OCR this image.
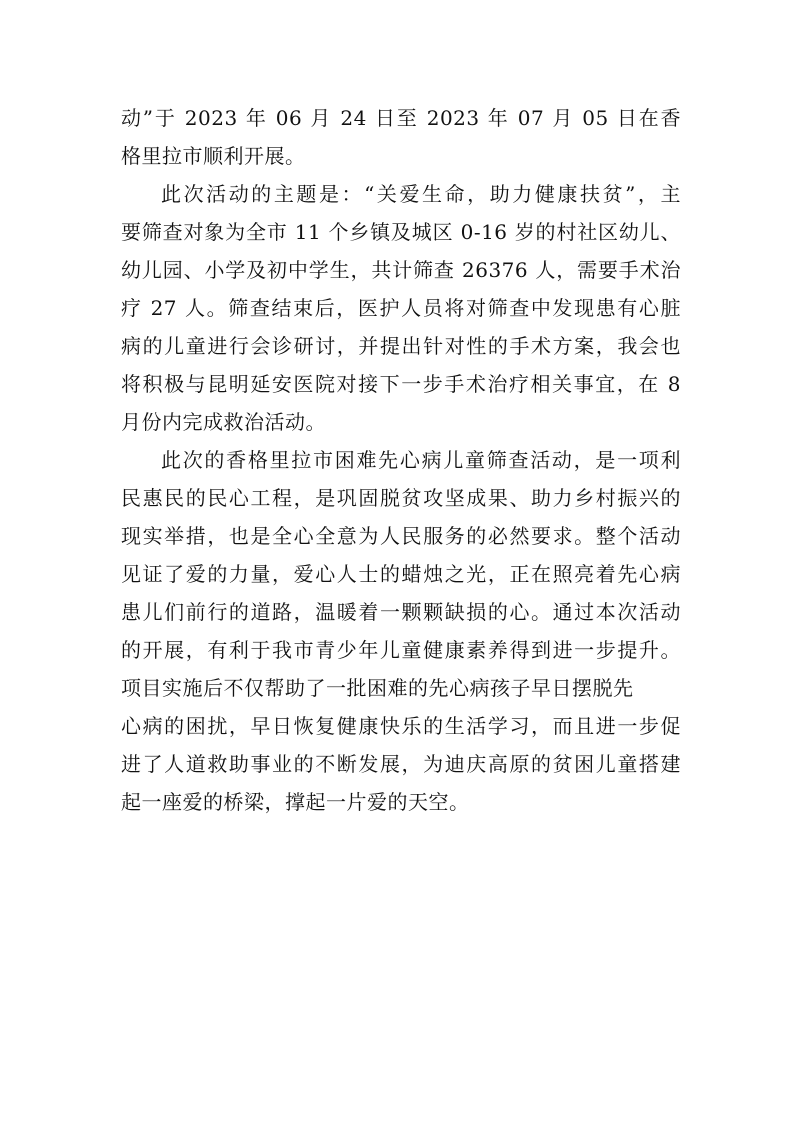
动”于 2023 年 06 月 24 日至 2023 年 07 月 05 日在香
格里拉市顺利开展。
此次活动的主题是：“关爱生命，助力健康扶贫”，主
要筛查对象为全市 11 个乡镇及城区 0-16 岁的村社区幼儿、
幼儿园、小学及初中学生，共计筛查 26376 人，需要手术治
疗 27 人。筛查结束后，医护人员将对筛查中发现患有心脏
病的儿童进行会诊研讨，并提出针对性的手术方案，我会也
将积极与昆明延安医院对接下一步手术治疗相关事宜，在 8
月份内完成救治活动。
此次的香格里拉市困难先心病儿童筛查活动，是一项利
民惠民的民心工程，是巩固脱贫攻坚成果、助力乡村振兴的
现实举措，也是全心全意为人民服务的必然要求。整个活动
见证了爱的力量，爱心人士的蜡烛之光，正在照亮着先心病
患儿们前行的道路，温暖着一颗颗缺损的心。通过本次活动
的开展，有利于我市青少年儿童健康素养得到进一步提升。
项目实施后不仅帮助了一批困难的先心病孩子早日摆脱先
心病的困扰，早日恢复健康快乐的生活学习，而且进一步促
进了人道救助事业的不断发展，为迪庆高原的贫困儿童搭建
起一座爱的桥梁，撑起一片爱的天空。
